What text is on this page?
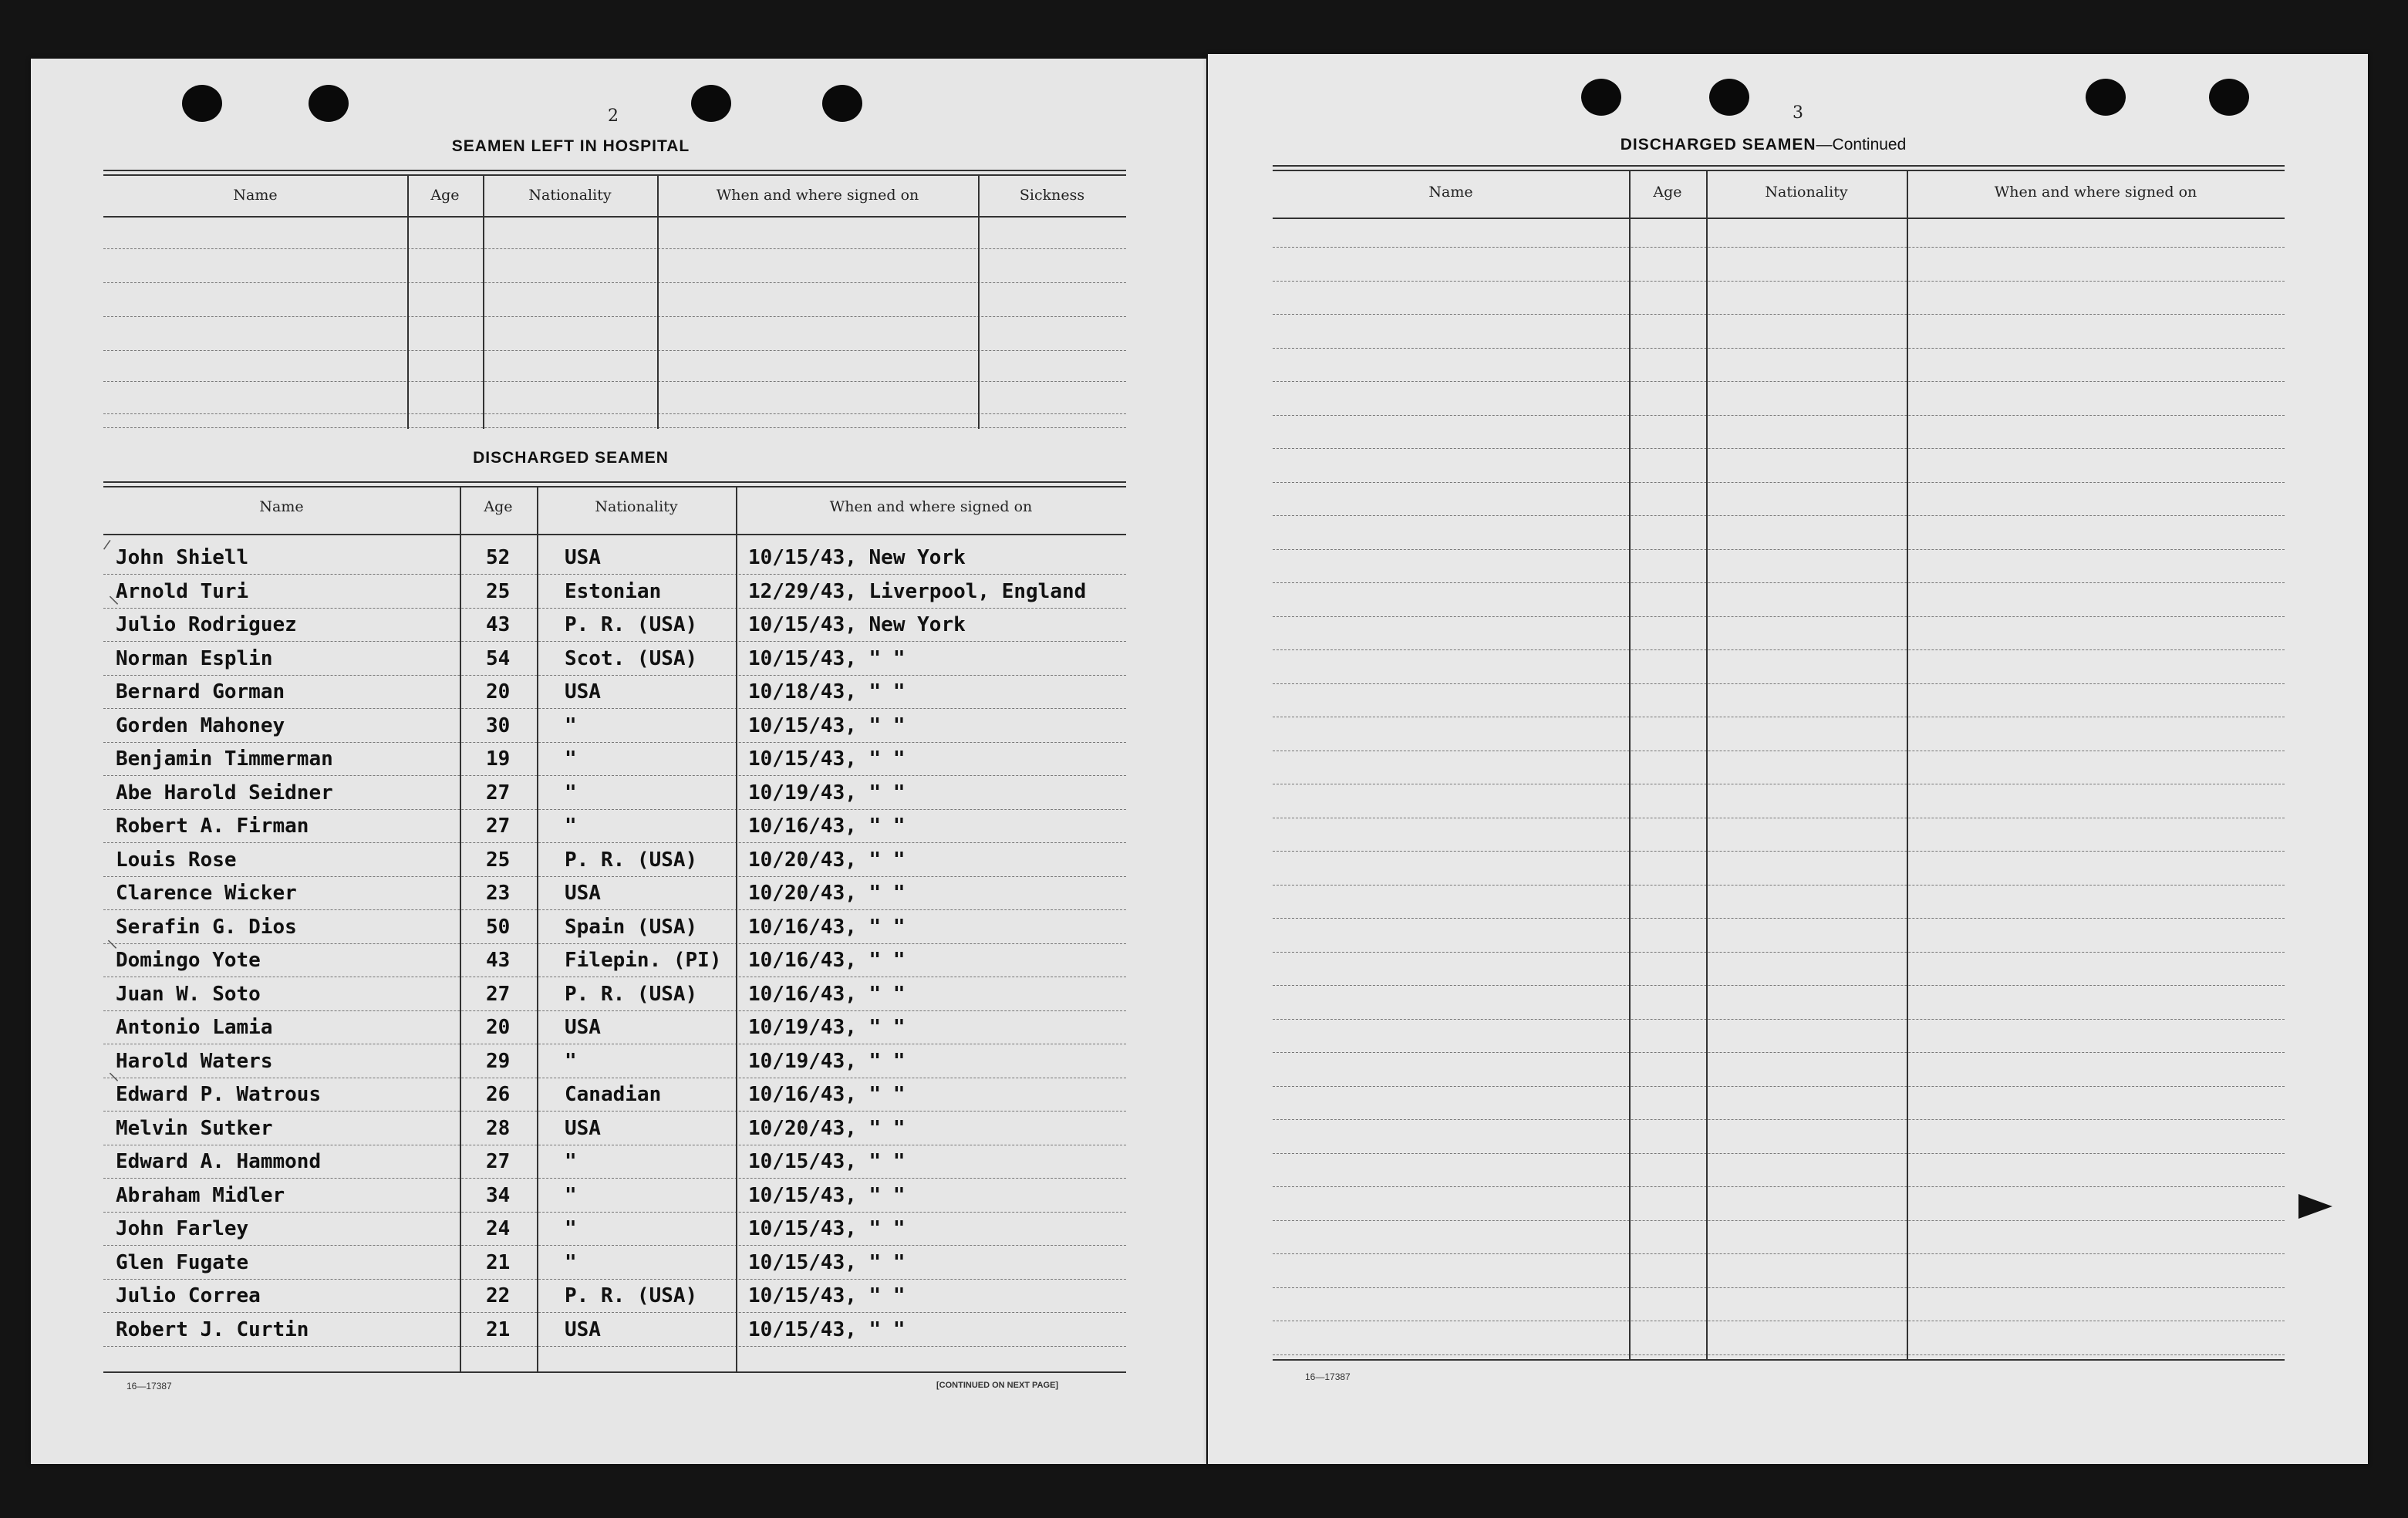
2
SEAMEN LEFT IN HOSPITAL
Name	Age	Nationality	When and where signed on	Sickness
DISCHARGED SEAMEN
Name	Age	Nationality	When and where signed on
John Shiell	52	USA	10/15/43, New York
Arnold Turi	25	Estonian	12/29/43, Liverpool, England
Julio Rodriguez	43	P. R. (USA)	10/15/43, New York
Norman Esplin	54	Scot. (USA)	10/15/43, " "
Bernard Gorman	20	USA	10/18/43, " "
Gorden Mahoney	30	"	10/15/43, " "
Benjamin Timmerman	19	"	10/15/43, " "
Abe Harold Seidner	27	"	10/19/43, " "
Robert A. Firman	27	"	10/16/43, " "
Louis Rose	25	P. R. (USA)	10/20/43, " "
Clarence Wicker	23	USA	10/20/43, " "
Serafin G. Dios	50	Spain (USA)	10/16/43, " "
Domingo Yote	43	Filepin. (PI) 10/16/43, " "
Juan W. Soto	27	P. R. (USA)	10/16/43, " "
Antonio Lamia	20	USA	10/19/43, " "
Harold Waters	29	"	10/19/43, " "
Edward P. Watrous	26	Canadian	10/16/43, " "
Melvin Sutker	28	USA	10/20/43, " "
Edward A. Hammond	27	"	10/15/43, " "
Abraham Midler	34	"	10/15/43, " "
John Farley	24	"	10/15/43, " "
Glen Fugate	21	"	10/15/43, " "
Julio Correa	22	P. R. (USA)	10/15/43, " "
Robert J. Curtin	21	USA	10/15/43, " "
16—17387	[CONTINUED ON NEXT PAGE]
⸍
⸌
⸌
⸌
3
DISCHARGED SEAMEN—Continued
Name	Age	Nationality	When and where signed on
16—17387
